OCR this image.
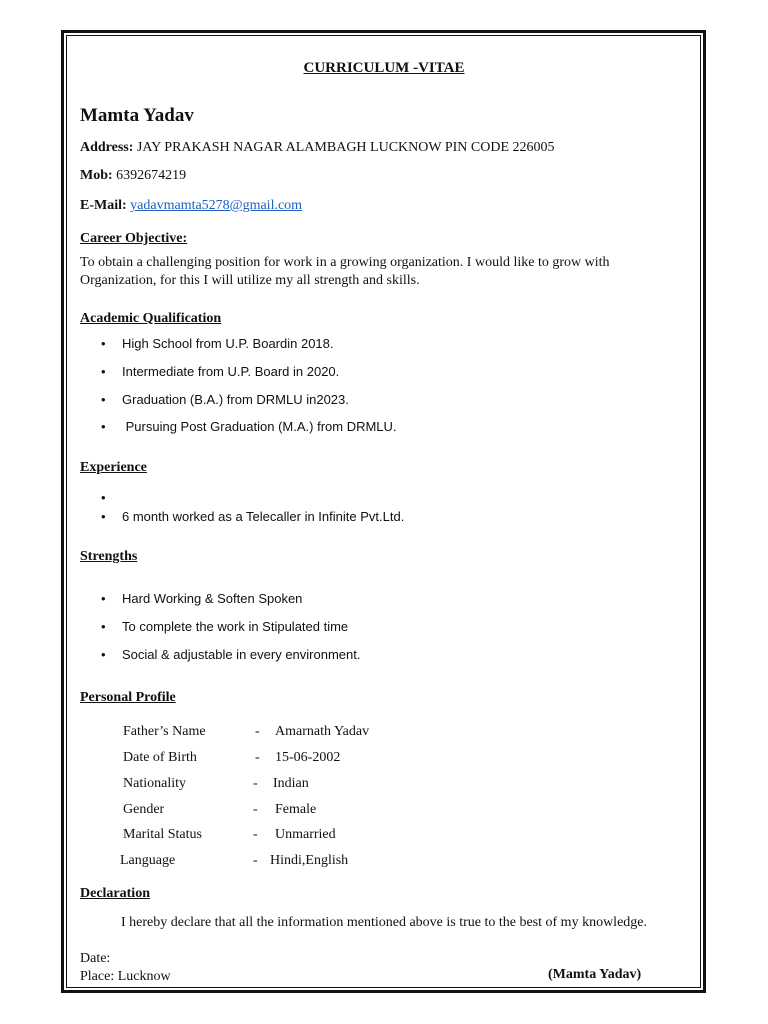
CURRICULUM -VITAE
Mamta Yadav
Address: JAY PRAKASH NAGAR ALAMBAGH LUCKNOW PIN CODE 226005
Mob: 6392674219
E-Mail: yadavmamta5278@gmail.com
Career Objective:
To obtain a challenging position for work in a growing organization. I would like to grow with Organization, for this I will utilize my all strength and skills.
Academic Qualification
• High School from U.P. Boardin 2018.
• Intermediate from U.P. Board in 2020.
• Graduation (B.A.) from DRMLU in2023.
• Pursuing Post Graduation (M.A.) from DRMLU.
Experience
•
• 6 month worked as a Telecaller in Infinite Pvt.Ltd.
Strengths
• Hard Working & Soften Spoken
• To complete the work in Stipulated time
• Social & adjustable in every environment.
Personal Profile
Father’s Name	- Amarnath Yadav
Date of Birth	- 15-06-2002
Nationality	- Indian
Gender	- Female
Marital Status	- Unmarried
Language	- Hindi,English
Declaration
I hereby declare that all the information mentioned above is true to the best of my knowledge.
Date:
Place: Lucknow	(Mamta Yadav)
